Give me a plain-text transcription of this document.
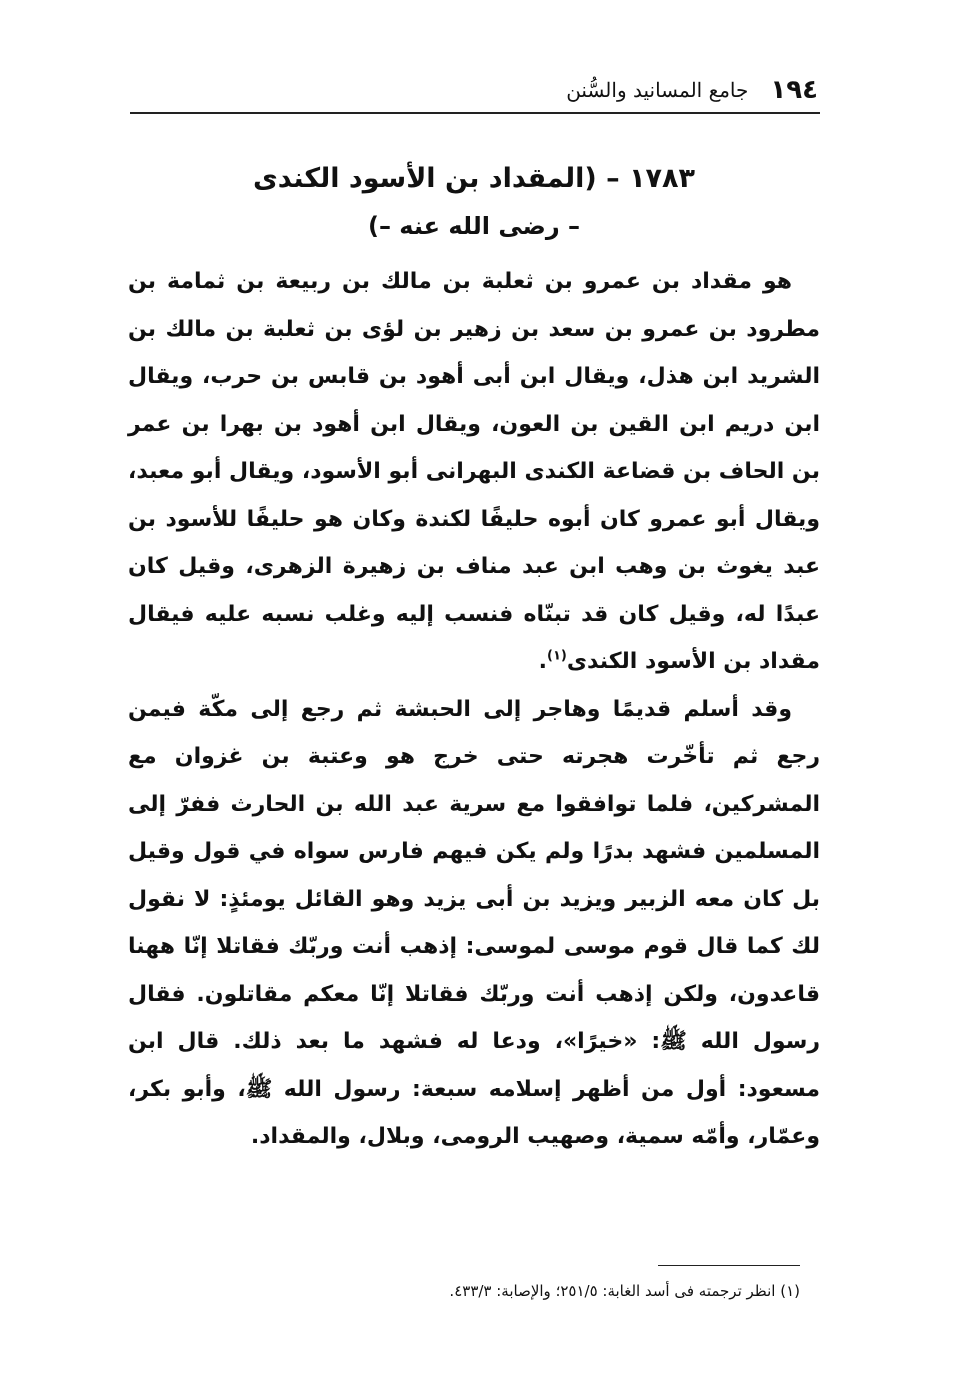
١٩٤
جامع المسانيد والسُّنن
١٧٨٣ – (المقداد بن الأسود الكندى
– رضى الله عنه –)

هو مقداد بن عمرو بن ثعلبة بن مالك بن ربيعة بن ثمامة بن مطرود بن عمرو بن سعد بن زهير بن لؤى بن ثعلبة بن مالك بن الشريد ابن هذل، ويقال ابن أبى أهود بن قابس بن حرب، ويقال ابن دريم ابن القين بن العون، ويقال ابن أهود بن بهرا بن عمر بن الحاف بن قضاعة الكندى البهرانى أبو الأسود، ويقال أبو معبد، ويقال أبو عمرو كان أبوه حليفًا لكندة وكان هو حليفًا للأسود بن عبد يغوث بن وهب ابن عبد مناف بن زهيرة الزهرى، وقيل كان عبدًا له، وقيل كان قد تبنّاه فنسب إليه وغلب نسبه عليه فيقال مقداد بن الأسود الكندى$^{(١)}$.

وقد أسلم قديمًا وهاجر إلى الحبشة ثم رجع إلى مكّة فيمن رجع ثم تأخّرت هجرته حتى خرج هو وعتبة بن غزوان مع المشركين، فلما توافقوا مع سرية عبد الله بن الحارث ففرّ إلى المسلمين فشهد بدرًا ولم يكن فيهم فارس سواه في قول وقيل بل كان معه الزبير ويزيد بن أبى يزيد وهو القائل يومئذٍ: لا نقول لك كما قال قوم موسى لموسى: إذهب أنت وربّك فقاتلا إنّا ههنا قاعدون، ولكن إذهب أنت وربّك فقاتلا إنّا معكم مقاتلون. فقال رسول الله ﷺ: «خيرًا»، ودعا له فشهد ما بعد ذلك. قال ابن مسعود: أول من أظهر إسلامه سبعة: رسول الله ﷺ، وأبو بكر، وعمّار، وأمّه سمية، وصهيب الرومى، وبلال، والمقداد.

(١) انظر ترجمته فى أسد الغابة: ٢٥١/٥؛ والإصابة: ٤٣٣/٣.
